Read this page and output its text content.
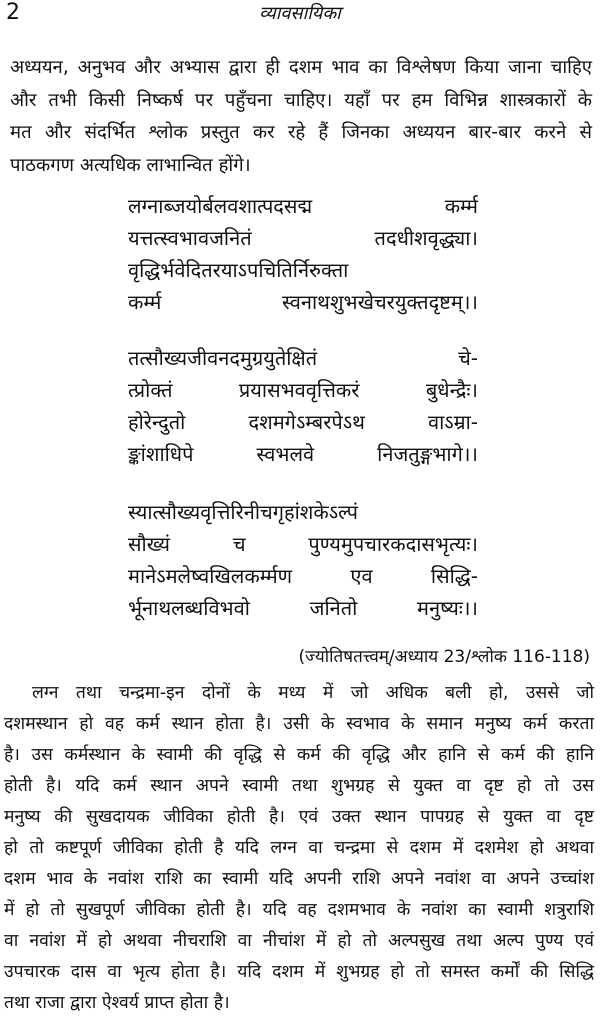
2	व्यावसायिका
अध्ययन, अनुभव और अभ्यास द्वारा ही दशम भाव का विश्लेषण किया जाना चाहिए
और तभी किसी निष्कर्ष पर पहुँचना चाहिए। यहाँ पर हम विभिन्न शास्त्रकारों के
मत और संदर्भित श्लोक प्रस्तुत कर रहे हैं जिनका अध्ययन बार-बार करने से
पाठकगण अत्यधिक लाभान्वित होंगे।
लग्नाब्जयोर्बलवशात्पदसद्म कर्म्म
यत्तत्स्वभावजनितं तदधीशवृद्ध्या।
वृद्धिर्भवेदितरयाऽपचितिर्निरुक्ता
कर्म्म स्वनाथशुभखेचरयुक्तदृष्टम्।।
तत्सौख्यजीवनदमुग्रयुतेक्षितं चे-
त्प्रोक्तं प्रयासभववृत्तिकरं बुधेन्द्रैः।
होरेन्दुतो दशमगेऽम्बरपेऽथ वाऽम्रा-
ङ्कांशाधिपे स्वभलवे निजतुङ्गभागे।।
स्यात्सौख्यवृत्तिरिनीचगृहांशकेऽल्पं
सौख्यं च पुण्यमुपचारकदासभृत्यः।
मानेऽमलेष्वखिलकर्म्मण एव सिद्धि-
र्भूनाथलब्धविभवो जनितो मनुष्यः।।
(ज्योतिषतत्त्वम्/अध्याय 23/श्लोक 116-118)
लग्न तथा चन्द्रमा-इन दोनों के मध्य में जो अधिक बली हो, उससे जो
दशमस्थान हो वह कर्म स्थान होता है। उसी के स्वभाव के समान मनुष्य कर्म करता
है। उस कर्मस्थान के स्वामी की वृद्धि से कर्म की वृद्धि और हानि से कर्म की हानि
होती है। यदि कर्म स्थान अपने स्वामी तथा शुभग्रह से युक्त वा दृष्ट हो तो उस
मनुष्य की सुखदायक जीविका होती है। एवं उक्त स्थान पापग्रह से युक्त वा दृष्ट
हो तो कष्टपूर्ण जीविका होती है यदि लग्न वा चन्द्रमा से दशम में दशमेश हो अथवा
दशम भाव के नवांश राशि का स्वामी यदि अपनी राशि अपने नवांश वा अपने उच्चांश
में हो तो सुखपूर्ण जीविका होती है। यदि वह दशमभाव के नवांश का स्वामी शत्रुराशि
वा नवांश में हो अथवा नीचराशि वा नीचांश में हो तो अल्पसुख तथा अल्प पुण्य एवं
उपचारक दास वा भृत्य होता है। यदि दशम में शुभग्रह हो तो समस्त कर्मों की सिद्धि
तथा राजा द्वारा ऐश्वर्य प्राप्त होता है।
